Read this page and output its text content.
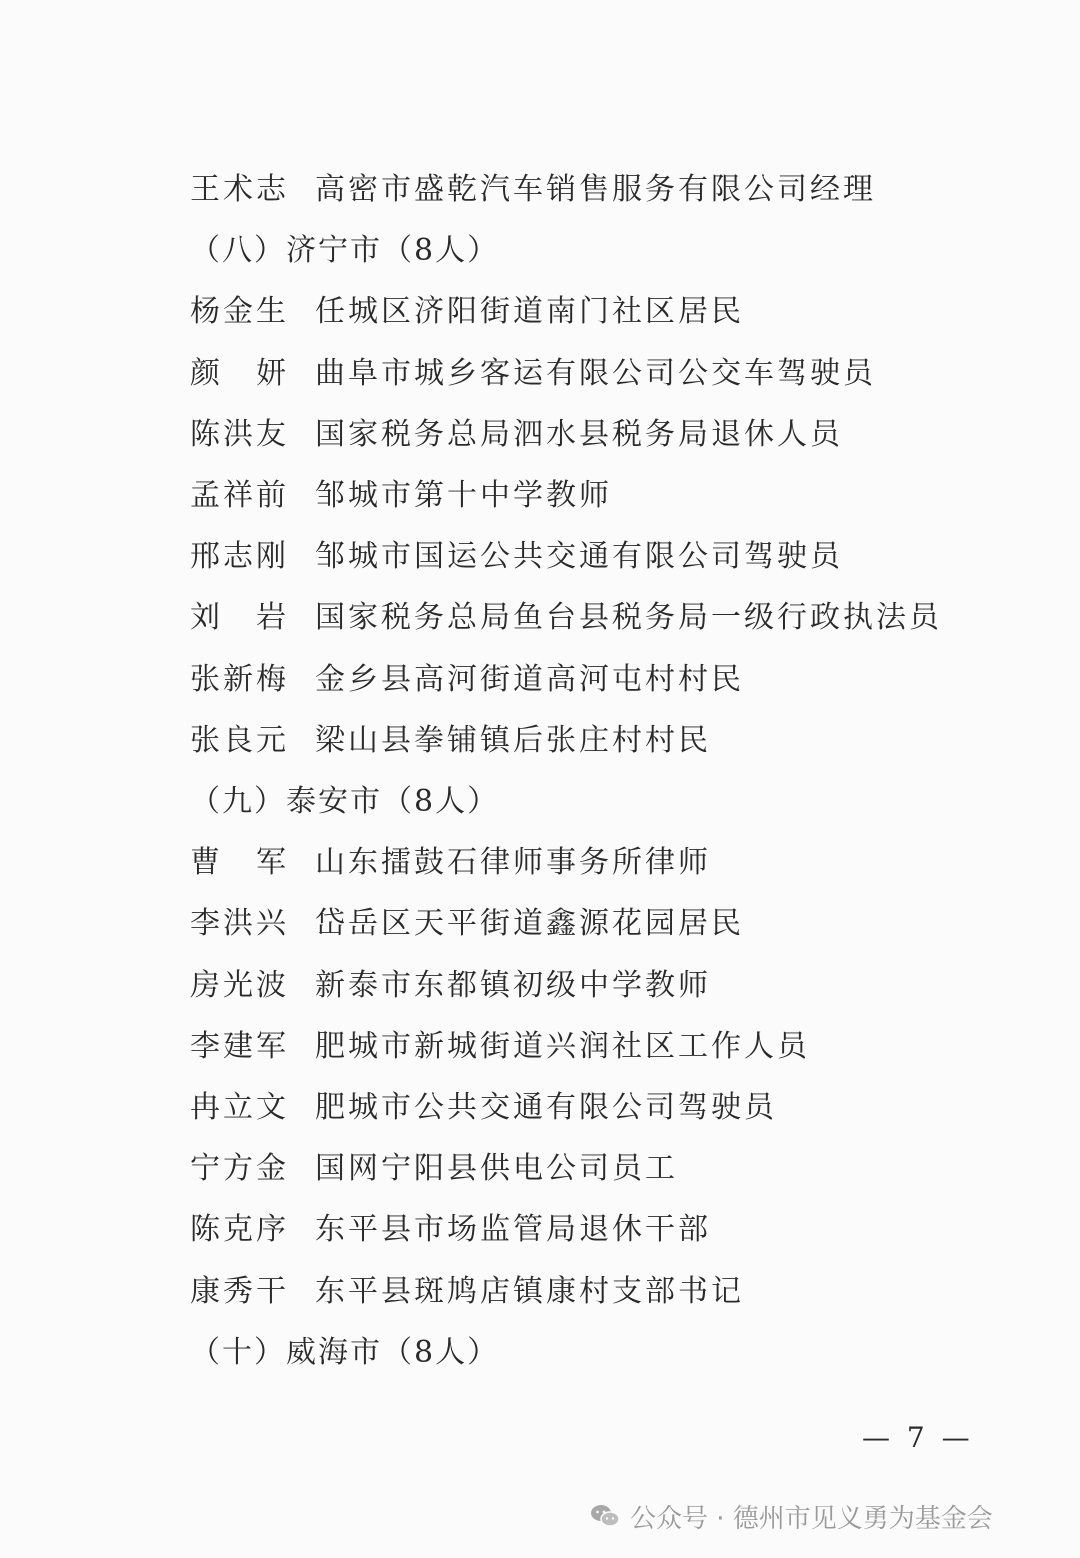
王术志 高密市盛乾汽车销售服务有限公司经理
（八）济宁市（8人）
杨金生 任城区济阳街道南门社区居民
颜　妍 曲阜市城乡客运有限公司公交车驾驶员
陈洪友 国家税务总局泗水县税务局退休人员
孟祥前 邹城市第十中学教师
邢志刚 邹城市国运公共交通有限公司驾驶员
刘　岩 国家税务总局鱼台县税务局一级行政执法员
张新梅 金乡县高河街道高河屯村村民
张良元 梁山县拳铺镇后张庄村村民
（九）泰安市（8人）
曹　军 山东擂鼓石律师事务所律师
李洪兴 岱岳区天平街道鑫源花园居民
房光波 新泰市东都镇初级中学教师
李建军 肥城市新城街道兴润社区工作人员
冉立文 肥城市公共交通有限公司驾驶员
宁方金 国网宁阳县供电公司员工
陈克序 东平县市场监管局退休干部
康秀干 东平县斑鸠店镇康村支部书记
（十）威海市（8人）
— 7 —
公众号 · 德州市见义勇为基金会
